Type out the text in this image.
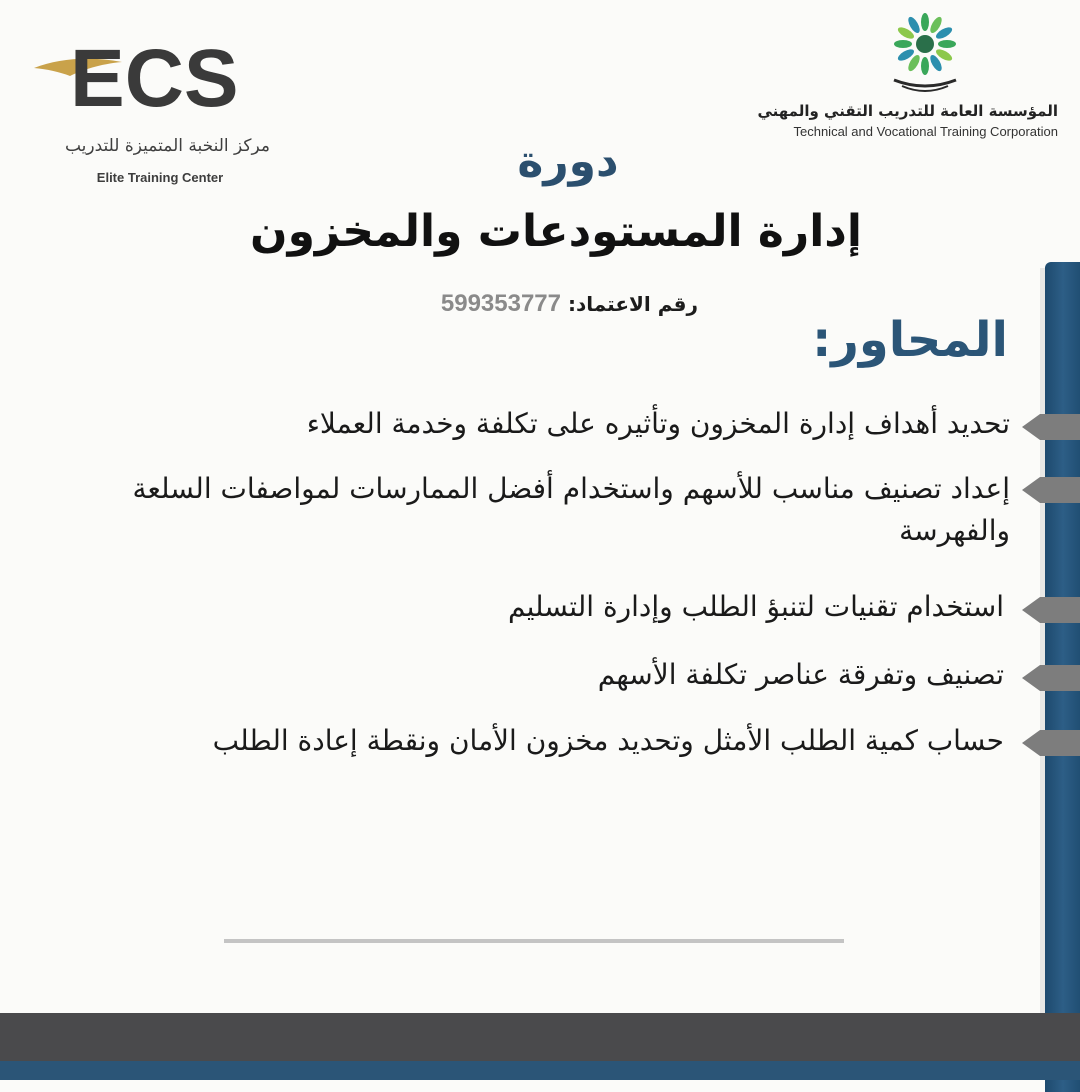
ECS
مركز النخبة المتميزة للتدريب
Elite Training Center
المؤسسة العامة للتدريب التقني والمهني
Technical and Vocational Training Corporation
دورة
إدارة المستودعات والمخزون
رقم الاعتماد: 599353777
المحاور:
تحديد أهداف إدارة المخزون وتأثيره على تكلفة وخدمة العملاء
إعداد تصنيف مناسب للأسهم واستخدام أفضل الممارسات لمواصفات السلعة والفهرسة
استخدام تقنيات لتنبؤ الطلب وإدارة التسليم
تصنيف وتفرقة عناصر تكلفة الأسهم
حساب كمية الطلب الأمثل وتحديد مخزون الأمان ونقطة إعادة الطلب
